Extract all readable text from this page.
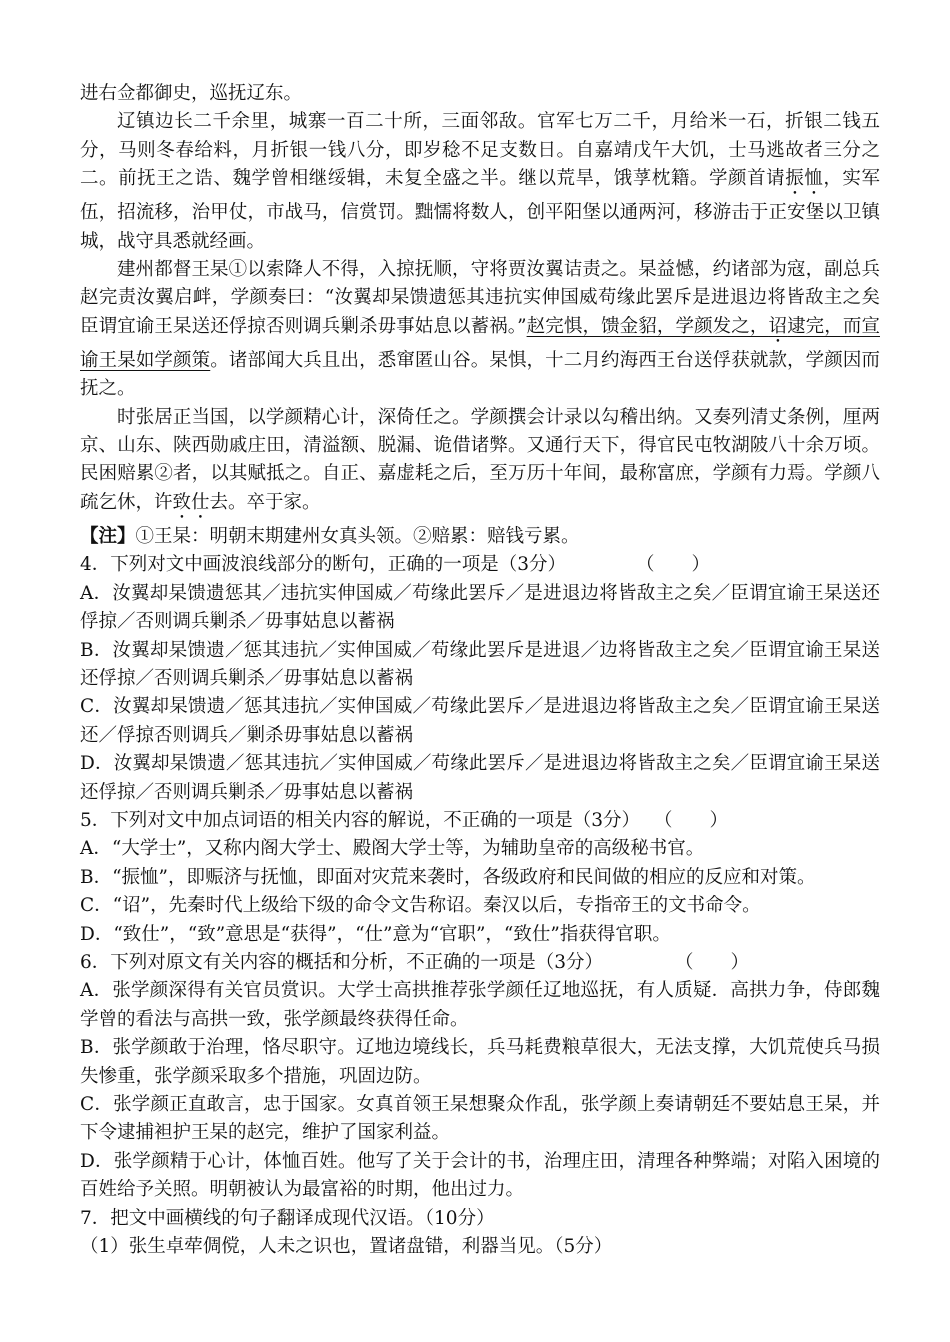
进右佥都御史，巡抚辽东。

辽镇边长二千余里，城寨一百二十所，三面邻敌。官军七万二千，月给米一石，折银二钱五分，马则冬春给料，月折银一钱八分，即岁稔不足支数日。自嘉靖戊午大饥，士马逃故者三分之二。前抚王之诰、魏学曾相继绥辑，未复全盛之半。继以荒旱，饿莩枕籍。学颜首请振恤，实军伍，招流移，治甲仗，市战马，信赏罚。黜懦将数人，创平阳堡以通两河，移游击于正安堡以卫镇城，战守具悉就经画。

建州都督王杲①以索降人不得，入掠抚顺，守将贾汝翼诘责之。杲益憾，约诸部为寇，副总兵赵完责汝翼启衅，学颜奏曰：“汝翼却杲馈遗惩其违抗实伸国威苟缘此罢斥是进退边将皆敌主之矣臣谓宜谕王杲送还俘掠否则调兵剿杀毋事姑息以蓄祸。”赵完惧，馈金貂，学颜发之，诏逮完，而宣谕王杲如学颜策。诸部闻大兵且出，悉窜匿山谷。杲惧，十二月约海西王台送俘获就款，学颜因而抚之。

时张居正当国，以学颜精心计，深倚任之。学颜撰会计录以勾稽出纳。又奏列清丈条例，厘两京、山东、陕西勋戚庄田，清溢额、脱漏、诡借诸弊。又通行天下，得官民屯牧湖陂八十余万顷。民困赔累②者，以其赋抵之。自正、嘉虚耗之后，至万历十年间，最称富庶，学颜有力焉。学颜八疏乞休，许致仕去。卒于家。

【注】①王杲：明朝末期建州女真头领。②赔累：赔钱亏累。

4．下列对文中画波浪线部分的断句，正确的一项是（3分）	（　　）

A．汝翼却杲馈遗惩其／违抗实伸国威／苟缘此罢斥／是进退边将皆敌主之矣／臣谓宜谕王杲送还俘掠／否则调兵剿杀／毋事姑息以蓄祸

B．汝翼却杲馈遗／惩其违抗／实伸国威／苟缘此罢斥是进退／边将皆敌主之矣／臣谓宜谕王杲送还俘掠／否则调兵剿杀／毋事姑息以蓄祸

C．汝翼却杲馈遗／惩其违抗／实伸国威／苟缘此罢斥／是进退边将皆敌主之矣／臣谓宜谕王杲送还／俘掠否则调兵／剿杀毋事姑息以蓄祸

D．汝翼却杲馈遗／惩其违抗／实伸国威／苟缘此罢斥／是进退边将皆敌主之矣／臣谓宜谕王杲送还俘掠／否则调兵剿杀／毋事姑息以蓄祸

5．下列对文中加点词语的相关内容的解说，不正确的一项是（3分） （　　）

A．“大学士”，又称内阁大学士、殿阁大学士等，为辅助皇帝的高级秘书官。

B．“振恤”，即赈济与抚恤，即面对灾荒来袭时，各级政府和民间做的相应的反应和对策。

C．“诏”，先秦时代上级给下级的命令文告称诏。秦汉以后，专指帝王的文书命令。

D．“致仕”，“致”意思是“获得”，“仕”意为“官职”，“致仕”指获得官职。

6．下列对原文有关内容的概括和分析，不正确的一项是（3分）	（　　）

A．张学颜深得有关官员赏识。大学士高拱推荐张学颜任辽地巡抚，有人质疑．高拱力争，侍郎魏学曾的看法与高拱一致，张学颜最终获得任命。

B．张学颜敢于治理，恪尽职守。辽地边境线长，兵马耗费粮草很大，无法支撑，大饥荒使兵马损失惨重，张学颜采取多个措施，巩固边防。

C．张学颜正直敢言，忠于国家。女真首领王杲想聚众作乱，张学颜上奏请朝廷不要姑息王杲，并下令逮捕袒护王杲的赵完，维护了国家利益。

D．张学颜精于心计，体恤百姓。他写了关于会计的书，治理庄田，清理各种弊端；对陷入困境的百姓给予关照。明朝被认为最富裕的时期，他出过力。

7．把文中画横线的句子翻译成现代汉语。（10分）

（1）张生卓荦倜傥，人未之识也，置诸盘错，利器当见。（5分）
